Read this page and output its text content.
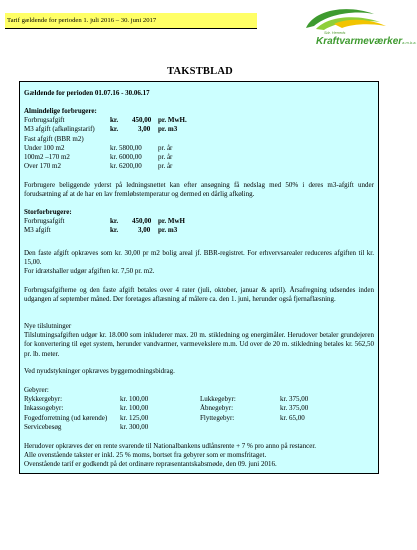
Tarif gældende for perioden 1. juli 2016 – 30. juni 2017
Sdr. Herreds
Kraftvarmeværkera.m.b.a.
TAKSTBLAD
Gældende for perioden 01.07.16 - 30.06.17
Almindelige forbrugere:
Forbrugsafgift	kr. 450,00 pr. MwH.
M3 afgift (afkølingstarif) kr.	3,00 pr. m3
Fast afgift (BBR m2)
Under 100 m2	kr. 5800,00 pr. år
100m2 –170 m2	kr. 6000,00 pr. år
Over 170 m2	kr. 6200,00 pr. år
Forbrugere beliggende yderst på ledningsnettet kan efter ansøgning få nedslag med 50% i deres m3-afgift under forudsætning af at de har en lav fremløbstemperatur og dermed en dårlig afkøling.
Storforbrugere:
Forbrugsafgift	kr. 450,00 pr. MwH
M3 afgift	kr.	3,00 pr. m3
Den faste afgift opkræves som kr. 30,00 pr m2 bolig areal jf. BBR-registret. For erhvervsarealer reduceres afgiften til kr. 15,00.
For idrætshaller udgør afgiften kr. 7,50 pr. m2.
Forbrugsafgifterne og den faste afgift betales over 4 rater (juli, oktober, januar & april). Årsafregning udsendes inden udgangen af september måned. Der foretages aflæsning af målere ca. den 1. juni, herunder også fjernaflæsning.
Nye tilslutninger
Tilslutningsafgiften udgør kr. 18.000 som inkluderer max. 20 m. stikledning og energimåler. Herudover betaler grundejeren for konvertering til eget system, herunder vandvarmer, varmevekslere m.m. Ud over de 20 m. stikledning betales kr. 562,50 pr. lb. meter.
Ved nyudstykninger opkræves byggemodningsbidrag.
Gebyrer:
Rykkergebyr:	kr. 100,00	Lukkegebyr:	kr. 375,00
Inkassogebyr:	kr. 100,00	Åbnegebyr:	kr. 375,00
Fogedforretning (ud kørende) kr. 125,00	Flyttegebyr:	kr. 65,00
Servicebesøg	kr. 300,00
Herudover opkræves der en rente svarende til Nationalbankens udlånsrente + 7 % pro anno på restancer.
Alle ovenstående takster er inkl. 25 % moms, bortset fra gebyrer som er momsfritaget.
Ovenstående tarif er godkendt på det ordinære repræsentantskabsmøde, den 09. juni 2016.
